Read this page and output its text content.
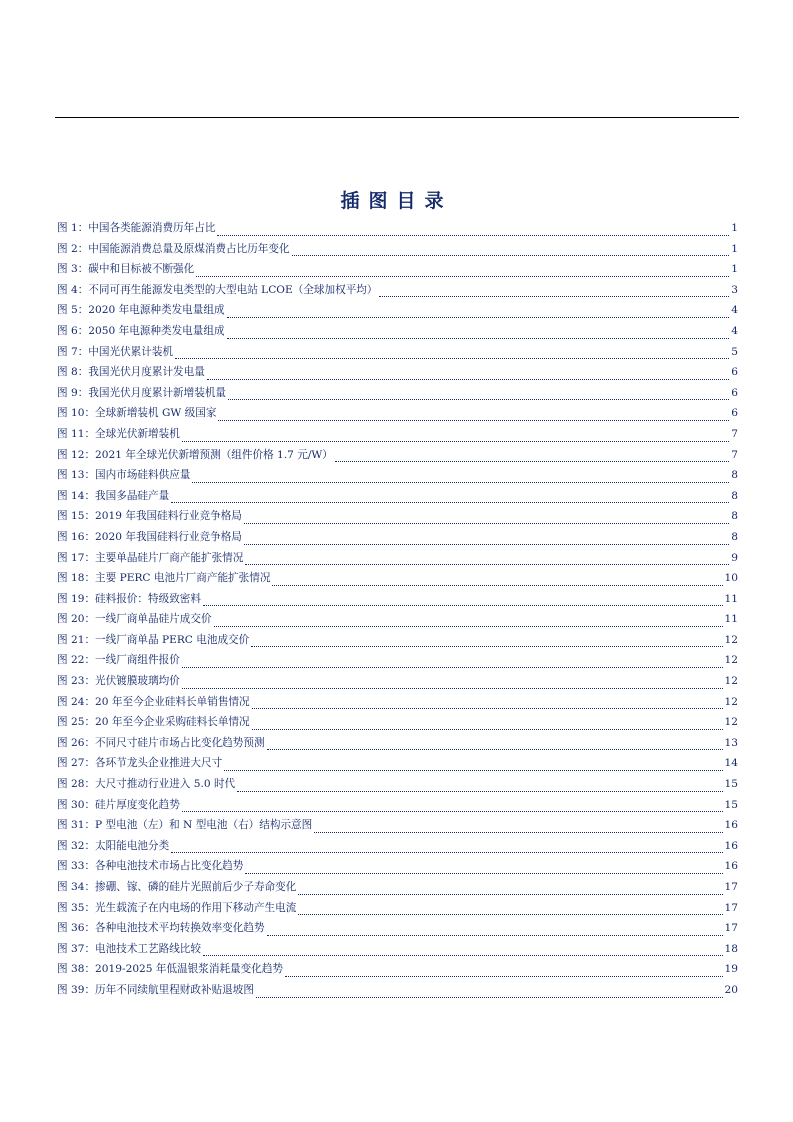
插图目录
图 1：中国各类能源消费历年占比	1
图 2：中国能源消费总量及原煤消费占比历年变化	1
图 3：碳中和目标被不断强化	1
图 4：不同可再生能源发电类型的大型电站 LCOE（全球加权平均）	3
图 5：2020 年电源种类发电量组成	4
图 6：2050 年电源种类发电量组成	4
图 7：中国光伏累计装机	5
图 8：我国光伏月度累计发电量	6
图 9：我国光伏月度累计新增装机量	6
图 10：全球新增装机 GW 级国家	6
图 11：全球光伏新增装机	7
图 12：2021 年全球光伏新增预测（组件价格 1.7 元/W）	7
图 13：国内市场硅料供应量	8
图 14：我国多晶硅产量	8
图 15：2019 年我国硅料行业竞争格局	8
图 16：2020 年我国硅料行业竞争格局	8
图 17：主要单晶硅片厂商产能扩张情况	9
图 18：主要 PERC 电池片厂商产能扩张情况	10
图 19：硅料报价：特级致密料	11
图 20：一线厂商单晶硅片成交价	11
图 21：一线厂商单晶 PERC 电池成交价	12
图 22：一线厂商组件报价	12
图 23：光伏镀膜玻璃均价	12
图 24：20 年至今企业硅料长单销售情况	12
图 25：20 年至今企业采购硅料长单情况	12
图 26：不同尺寸硅片市场占比变化趋势预测	13
图 27：各环节龙头企业推进大尺寸	14
图 28：大尺寸推动行业进入 5.0 时代	15
图 30：硅片厚度变化趋势	15
图 31：P 型电池（左）和 N 型电池（右）结构示意图	16
图 32：太阳能电池分类	16
图 33：各种电池技术市场占比变化趋势	16
图 34：掺硼、镓、磷的硅片光照前后少子寿命变化	17
图 35：光生载流子在内电场的作用下移动产生电流	17
图 36：各种电池技术平均转换效率变化趋势	17
图 37：电池技术工艺路线比较	18
图 38：2019-2025 年低温银浆消耗量变化趋势	19
图 39：历年不同续航里程财政补贴退坡图	20
